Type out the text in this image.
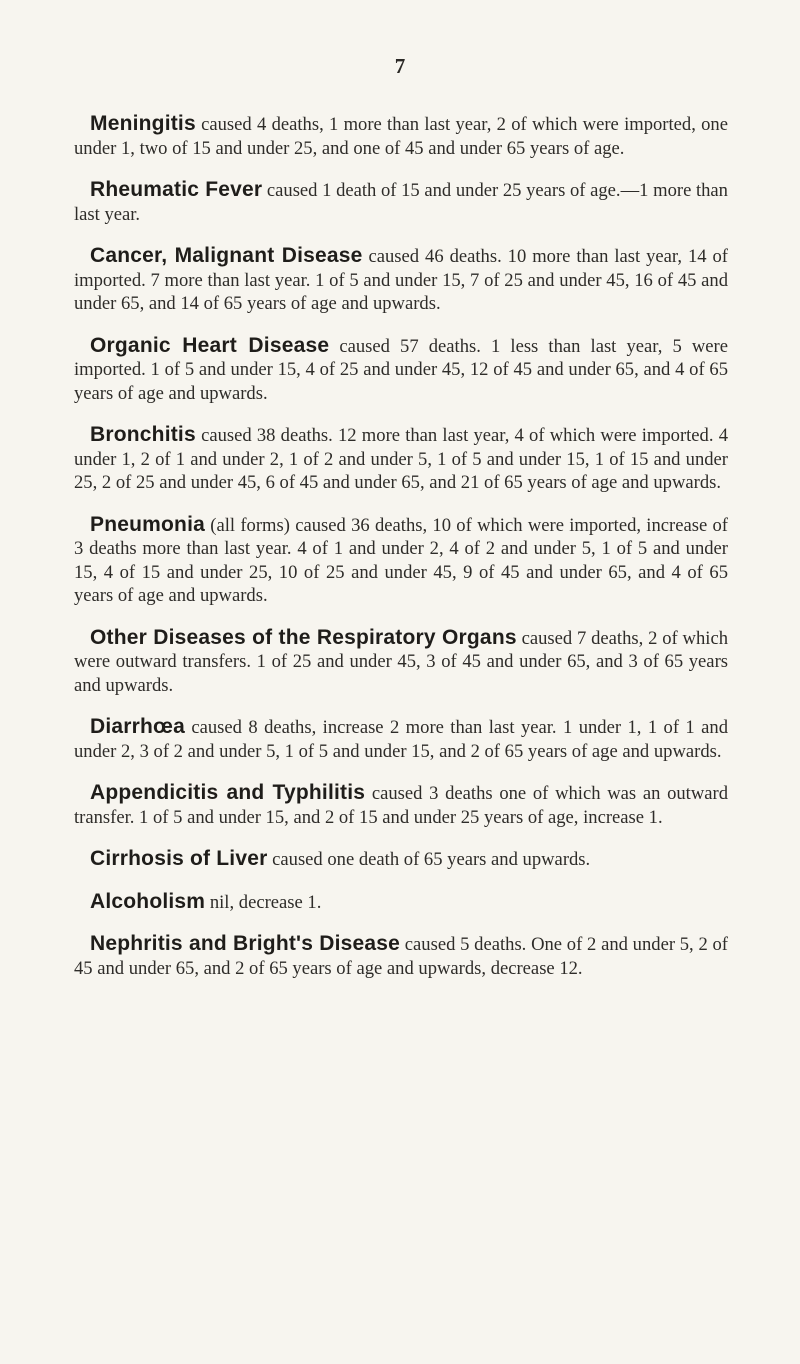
7

Meningitis caused 4 deaths, 1 more than last year, 2 of which were imported, one under 1, two of 15 and under 25, and one of 45 and under 65 years of age.

Rheumatic Fever caused 1 death of 15 and under 25 years of age.—1 more than last year.

Cancer, Malignant Disease caused 46 deaths. 10 more than last year, 14 of imported. 7 more than last year. 1 of 5 and under 15, 7 of 25 and under 45, 16 of 45 and under 65, and 14 of 65 years of age and upwards.

Organic Heart Disease caused 57 deaths. 1 less than last year, 5 were imported. 1 of 5 and under 15, 4 of 25 and under 45, 12 of 45 and under 65, and 4 of 65 years of age and upwards.

Bronchitis caused 38 deaths. 12 more than last year, 4 of which were imported. 4 under 1, 2 of 1 and under 2, 1 of 2 and under 5, 1 of 5 and under 15, 1 of 15 and under 25, 2 of 25 and under 45, 6 of 45 and under 65, and 21 of 65 years of age and upwards.

Pneumonia (all forms) caused 36 deaths, 10 of which were imported, increase of 3 deaths more than last year. 4 of 1 and under 2, 4 of 2 and under 5, 1 of 5 and under 15, 4 of 15 and under 25, 10 of 25 and under 45, 9 of 45 and under 65, and 4 of 65 years of age and upwards.

Other Diseases of the Respiratory Organs caused 7 deaths, 2 of which were outward transfers. 1 of 25 and under 45, 3 of 45 and under 65, and 3 of 65 years and upwards.

Diarrhœa caused 8 deaths, increase 2 more than last year. 1 under 1, 1 of 1 and under 2, 3 of 2 and under 5, 1 of 5 and under 15, and 2 of 65 years of age and upwards.

Appendicitis and Typhilitis caused 3 deaths one of which was an outward transfer. 1 of 5 and under 15, and 2 of 15 and under 25 years of age, increase 1.

Cirrhosis of Liver caused one death of 65 years and upwards.

Alcoholism nil, decrease 1.

Nephritis and Bright's Disease caused 5 deaths. One of 2 and under 5, 2 of 45 and under 65, and 2 of 65 years of age and upwards, decrease 12.
